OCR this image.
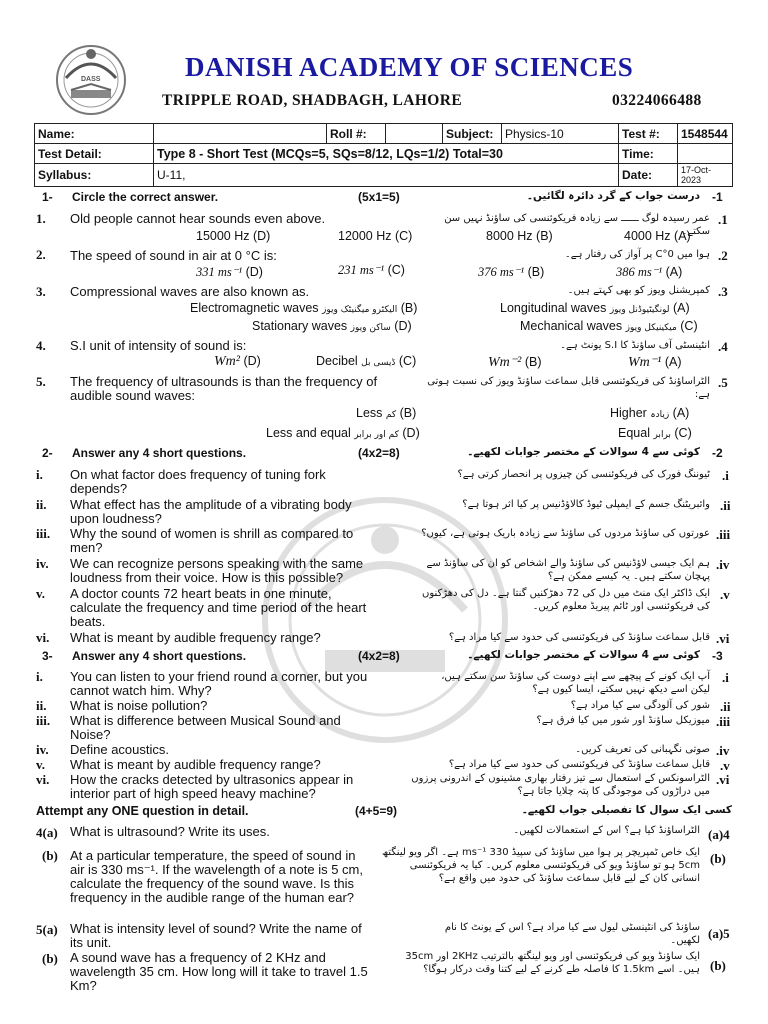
DASS	DANISH ACADEMY OF SCIENCES
TRIPPLE ROAD, SHADBAGH, LAHORE	03224066488
Name:		Roll #:		Subject:	Physics-10	Test #:	1548544
Test Detail:	Type 8 - Short Test (MCQs=5, SQs=8/12, LQs=1/2) Total=30					Time:	
Syllabus:	U-11,					Date:	17-Oct-2023
1- Circle the correct answer.	(5x1=5)	درست جواب کے گرد دائرہ لگائیں۔ -1
1. Old people cannot hear sounds even above.	عمر رسیدہ لوگ ــــــ سے زیادہ فریکوئنسی کی ساؤنڈ نہیں سن سکتے۔
.1
15000 Hz (D)	12000 Hz (C)	8000 Hz (B)	4000 Hz (A)
2. The speed of sound in air at 0 °C is:	ہوا میں 0°C پر آواز کی رفتار ہے۔ .2
331 ms⁻¹ (D)	231 ms⁻¹ (C)	376 ms⁻¹ (B)	386 ms⁻¹ (A)
3. Compressional waves are also known as.	کمپریشنل ویوز کو بھی کہتے ہیں۔ .3
Electromagnetic waves الیکٹرو میگنیٹک ویوز (B)	Longitudinal waves لونگیٹیوڈنل ویوز (A)
Stationary waves ساکن ویوز (D)	Mechanical waves میکینیکل ویوز (C)
4. S.I unit of intensity of sound is:	انٹینسٹی آف ساؤنڈ کا S.I یونٹ ہے۔ .4
Wm² (D)	Decibel ڈیسی بل (C)	Wm⁻² (B)	Wm⁻¹ (A)
5. The frequency of ultrasounds is than the frequency of audible sound waves:
الٹراساؤنڈ کی فریکوئنسی قابل سماعت ساؤنڈ ویوز کی نسبت ہوتی ہے:
.5
Less کم (B)	Higher زیادہ (A)
Less and equal کم اور برابر (D)	Equal برابر (C)
2- Answer any 4 short questions.	(4x2=8)	کوئی سے 4 سوالات کے مختصر جوابات لکھیے۔ -2
i. On what factor does frequency of tuning fork depends?
ٹیوننگ فورک کی فریکوئنسی کن چیزوں پر انحصار کرتی ہے؟ .i
ii. What effect has the amplitude of a vibrating body upon loudness?
وائبریٹنگ جسم کے ایمپلی ٹیوڈ کالاؤڈنیس پر کیا اثر ہوتا ہے؟ .ii
iii. Why the sound of women is shrill as compared to men?
عورتوں کی ساؤنڈ مردوں کی ساؤنڈ سے زیادہ باریک ہوتی ہے، کیوں؟ .iii
iv. We can recognize persons speaking with the same loudness from their voice. How is this possible?
ہم ایک جیسی لاؤڈنیس کی ساؤنڈ والے اشخاص کو ان کی ساؤنڈ سے پہچان سکتے ہیں۔ یہ کیسے ممکن ہے؟
.iv
v. A doctor counts 72 heart beats in one minute, calculate the frequency and time period of the heart beats.
ایک ڈاکٹر ایک منٹ میں دل کی 72 دھڑکنیں گنتا ہے۔ دل کی دھڑکنوں کی فریکوئنسی اور ٹائم پیریڈ معلوم کریں۔
.v
vi. What is meant by audible frequency range?	قابل سماعت ساؤنڈ کی فریکوئنسی کی حدود سے کیا مراد ہے؟ .vi
3- Answer any 4 short questions.	(4x2=8)	کوئی سے 4 سوالات کے مختصر جوابات لکھیے۔ -3
i. You can listen to your friend round a corner, but you cannot watch him. Why?
آپ ایک کونے کے پیچھے سے اپنے دوست کی ساؤنڈ سن سکتے ہیں، لیکن اسے دیکھ نہیں سکتے، ایسا کیوں ہے؟
.i
ii. What is noise pollution?	شور کی آلودگی سے کیا مراد ہے؟ .ii
iii. What is difference between Musical Sound and Noise?
میوزیکل ساؤنڈ اور شور میں کیا فرق ہے؟ .iii
iv. Define acoustics.	صوتی نگہبانی کی تعریف کریں۔ .iv
v. What is meant by audible frequency range?	قابل سماعت ساؤنڈ کی فریکوئنسی کی حدود سے کیا مراد ہے؟ .v
vi. How the cracks detected by ultrasonics appear in interior part of high speed heavy machine?
الٹراسونکس کے استعمال سے تیز رفتار بھاری مشینوں کے اندرونی پرزوں میں دراڑوں کی موجودگی کا پتہ چلایا جاتا ہے؟
.vi
Attempt any ONE question in detail.	(4+5=9)	کسی ایک سوال کا تفصیلی جواب لکھیے۔
4(a) What is ultrasound? Write its uses.	الٹراساؤنڈ کیا ہے؟ اس کے استعمالات لکھیں۔ (a)4
(b) At a particular temperature, the speed of sound in air is 330 ms⁻¹. If the wavelength of a note is 5 cm, calculate the frequency of the sound wave. Is this frequency in the audible range of the human ear?
ایک خاص ٹمپریچر پر ہوا میں ساؤنڈ کی سپیڈ 330 ms⁻¹ ہے۔ اگر ویو لینگتھ 5cm ہو تو ساؤنڈ ویو کی فریکوئنسی معلوم کریں۔ کیا یہ فریکوئنسی انسانی کان کے لیے قابل سماعت ساؤنڈ کی حدود میں واقع ہے؟
(b)
5(a) What is intensity level of sound? Write the name of its unit.
ساؤنڈ کی انٹینسٹی لیول سے کیا مراد ہے؟ اس کے یونٹ کا نام لکھیں۔ (a)5
(b) A sound wave has a frequency of 2 KHz and wavelength 35 cm. How long will it take to travel 1.5 Km?
ایک ساؤنڈ ویو کی فریکوئنسی اور ویو لینگتھ بالترتیب 2KHz اور 35cm ہیں۔ اسے 1.5km کا فاصلہ طے کرنے کے لیے کتنا وقت درکار ہوگا؟ (b)
